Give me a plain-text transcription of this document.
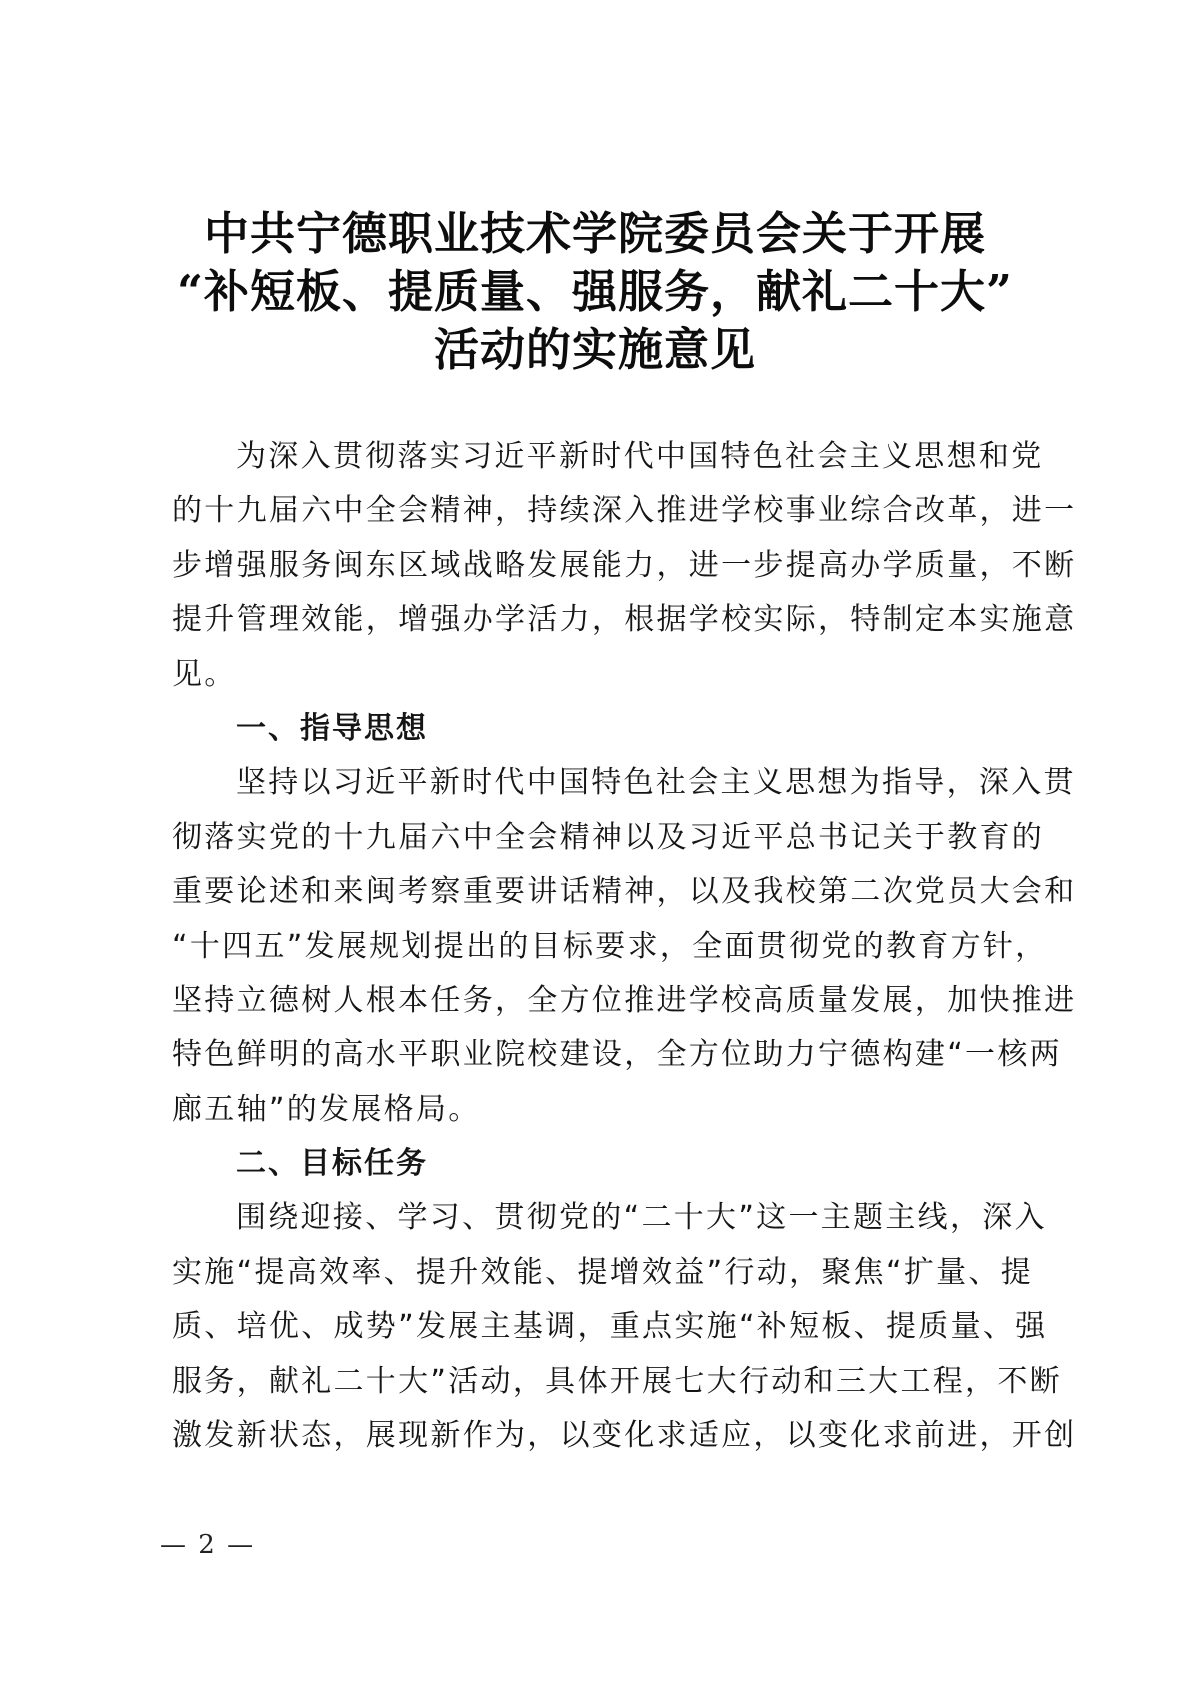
中共宁德职业技术学院委员会关于开展
“补短板、提质量、强服务，献礼二十大”
活动的实施意见
为深入贯彻落实习近平新时代中国特色社会主义思想和党
的十九届六中全会精神，持续深入推进学校事业综合改革，进一
步增强服务闽东区域战略发展能力，进一步提高办学质量，不断
提升管理效能，增强办学活力，根据学校实际，特制定本实施意
见。
一、指导思想
坚持以习近平新时代中国特色社会主义思想为指导，深入贯
彻落实党的十九届六中全会精神以及习近平总书记关于教育的
重要论述和来闽考察重要讲话精神，以及我校第二次党员大会和
“十四五”发展规划提出的目标要求，全面贯彻党的教育方针，
坚持立德树人根本任务，全方位推进学校高质量发展，加快推进
特色鲜明的高水平职业院校建设，全方位助力宁德构建“一核两
廊五轴”的发展格局。
二、目标任务
围绕迎接、学习、贯彻党的“二十大”这一主题主线，深入
实施“提高效率、提升效能、提增效益”行动，聚焦“扩量、提
质、培优、成势”发展主基调，重点实施“补短板、提质量、强
服务，献礼二十大”活动，具体开展七大行动和三大工程，不断
激发新状态，展现新作为，以变化求适应，以变化求前进，开创
— 2 —
